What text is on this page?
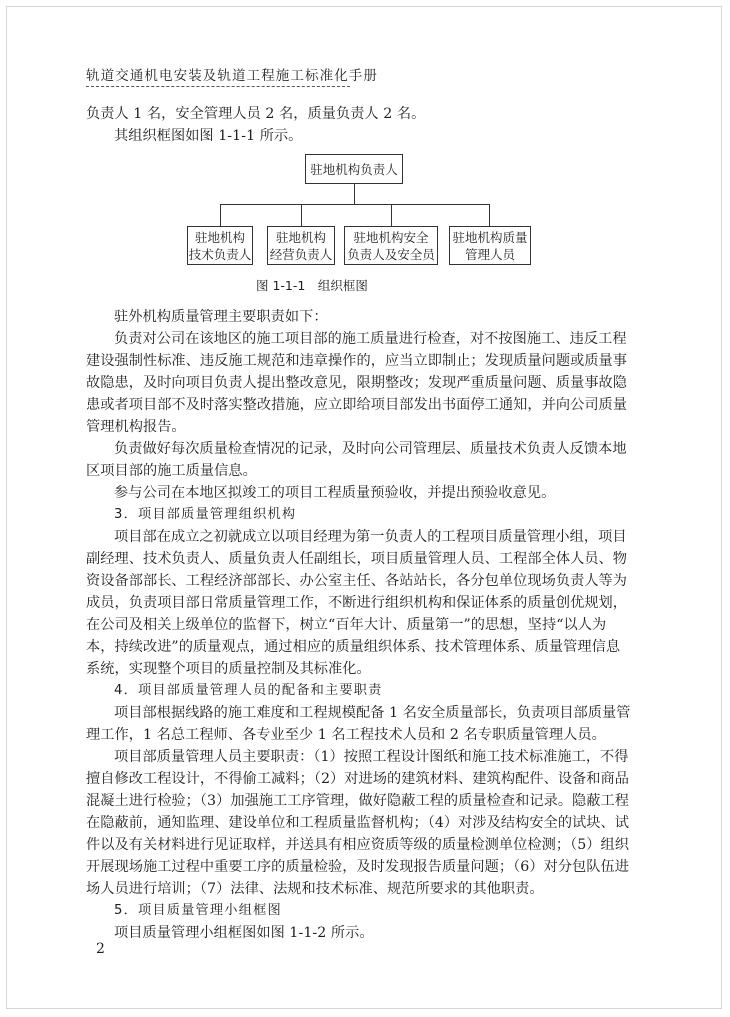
轨道交通机电安装及轨道工程施工标准化手册
负责人 1 名，安全管理人员 2 名，质量负责人 2 名。
其组织框图如图 1-1-1 所示。
驻地机构负责人
驻地机构
技术负责人
驻地机构
经营负责人
驻地机构安全
负责人及安全员
驻地机构质量
管理人员
图 1-1-1　组织框图
驻外机构质量管理主要职责如下：
负责对公司在该地区的施工项目部的施工质量进行检查，对不按图施工、违反工程
建设强制性标准、违反施工规范和违章操作的，应当立即制止；发现质量问题或质量事
故隐患，及时向项目负责人提出整改意见，限期整改；发现严重质量问题、质量事故隐
患或者项目部不及时落实整改措施，应立即给项目部发出书面停工通知，并向公司质量
管理机构报告。
负责做好每次质量检查情况的记录，及时向公司管理层、质量技术负责人反馈本地
区项目部的施工质量信息。
参与公司在本地区拟竣工的项目工程质量预验收，并提出预验收意见。
3．项目部质量管理组织机构
项目部在成立之初就成立以项目经理为第一负责人的工程项目质量管理小组，项目
副经理、技术负责人、质量负责人任副组长，项目质量管理人员、工程部全体人员、物
资设备部部长、工程经济部部长、办公室主任、各站站长，各分包单位现场负责人等为
成员，负责项目部日常质量管理工作，不断进行组织机构和保证体系的质量创优规划，
在公司及相关上级单位的监督下，树立“百年大计、质量第一”的思想，坚持“以人为
本，持续改进”的质量观点，通过相应的质量组织体系、技术管理体系、质量管理信息
系统，实现整个项目的质量控制及其标准化。
4．项目部质量管理人员的配备和主要职责
项目部根据线路的施工难度和工程规模配备 1 名安全质量部长，负责项目部质量管
理工作，1 名总工程师、各专业至少 1 名工程技术人员和 2 名专职质量管理人员。
项目部质量管理人员主要职责：（1）按照工程设计图纸和施工技术标准施工，不得
擅自修改工程设计，不得偷工减料；（2）对进场的建筑材料、建筑构配件、设备和商品
混凝土进行检验；（3）加强施工工序管理，做好隐蔽工程的质量检查和记录。隐蔽工程
在隐蔽前，通知监理、建设单位和工程质量监督机构；（4）对涉及结构安全的试块、试
件以及有关材料进行见证取样，并送具有相应资质等级的质量检测单位检测；（5）组织
开展现场施工过程中重要工序的质量检验，及时发现报告质量问题；（6）对分包队伍进
场人员进行培训；（7）法律、法规和技术标准、规范所要求的其他职责。
5．项目质量管理小组框图
项目质量管理小组框图如图 1-1-2 所示。
2
